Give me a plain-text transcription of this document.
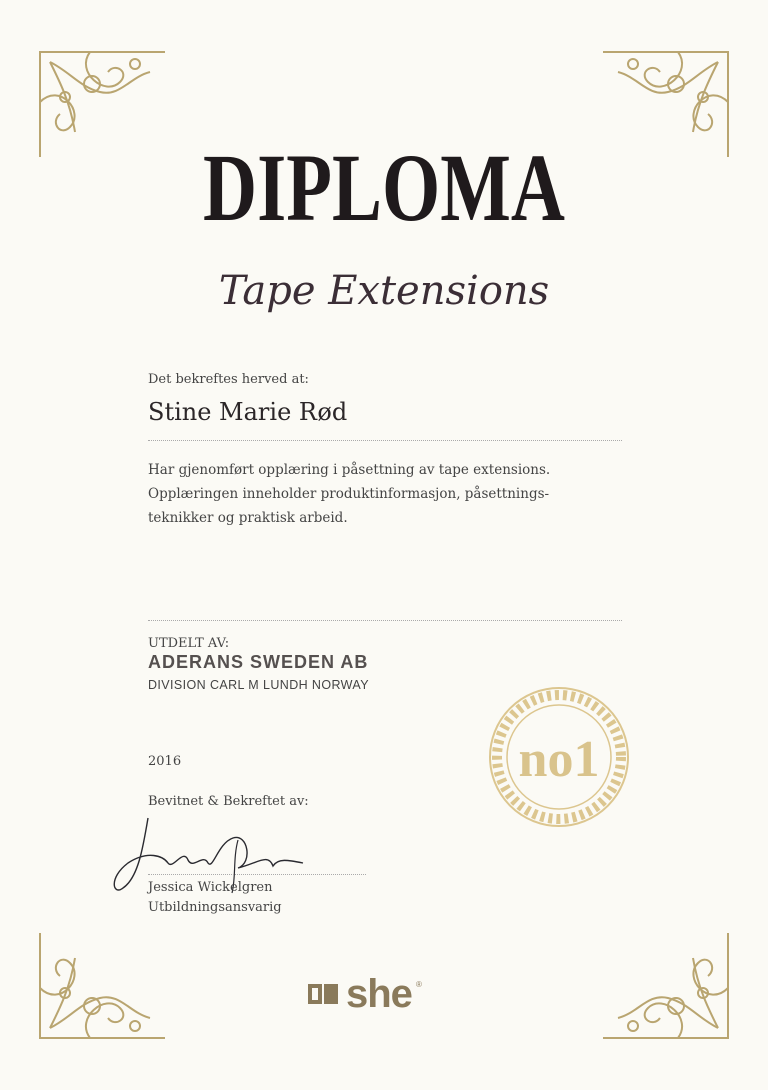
DIPLOMA
Tape Extensions
Det bekreftes herved at:
Stine Marie Rød
Har gjenomført opplæring i påsettning av tape extensions.
Opplæringen inneholder produktinformasjon, påsettnings-
teknikker og praktisk arbeid.
UTDELT AV:
ADERANS SWEDEN AB
DIVISION CARL M LUNDH NORWAY
2016
Bevitnet & Bekreftet av:
Jessica Wickelgren
Utbildningsansvarig
no1
she ®
